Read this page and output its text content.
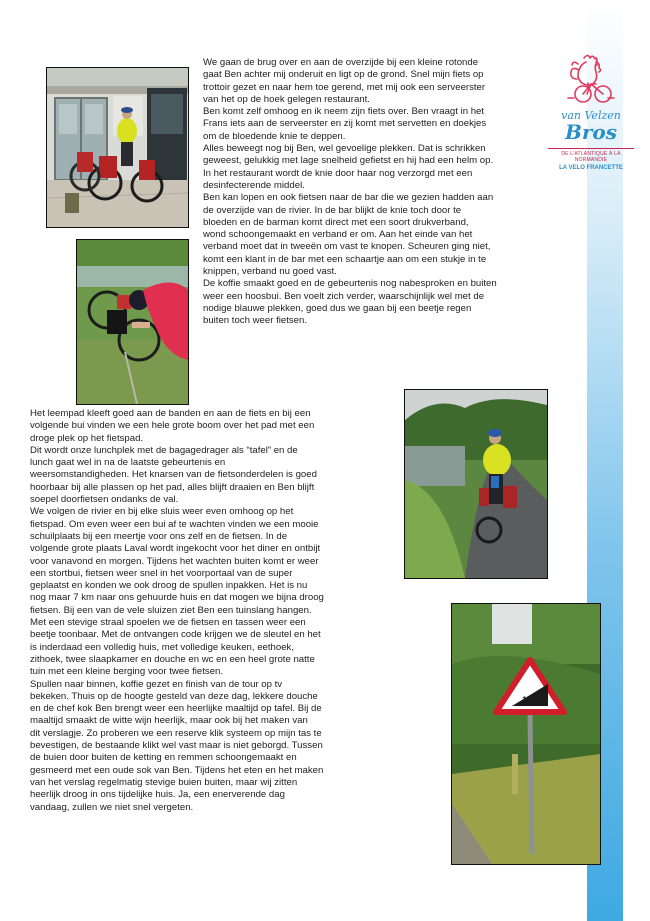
van Velzen
Bros
DE L'ATLANTIQUE À LA NORMANDIE
LA VELO FRANCETTE
13%
We gaan de brug over en aan de overzijde bij een kleine rotonde
gaat Ben achter mij onderuit en ligt op de grond. Snel mijn fiets op
trottoir gezet en naar hem toe gerend, met mij ook een serveerster
van het op de hoek gelegen restaurant.
Ben komt zelf omhoog en ik neem zijn fiets over. Ben vraagt in het
Frans iets aan de serveerster en zij komt met servetten en doekjes
om de bloedende knie te deppen.
Alles beweegt nog bij Ben, wel gevoelige plekken. Dat is schrikken
geweest, gelukkig met lage snelheid gefietst en hij had een helm op.
In het restaurant wordt de knie door haar nog verzorgd met een
desinfecterende middel.
Ben kan lopen en ook fietsen naar de bar die we gezien hadden aan
de overzijde van de rivier. In de bar blijkt de knie toch door te
bloeden en de barman komt direct met een soort drukverband,
wond schoongemaakt en verband er om. Aan het einde van het
verband moet dat in tweeën om vast te knopen. Scheuren ging niet,
komt een klant in de bar met een schaartje aan om een stukje in te
knippen, verband nu goed vast.
De koffie smaakt goed en de gebeurtenis nog nabesproken en buiten
weer een hoosbui. Ben voelt zich verder, waarschijnlijk wel met de
nodige blauwe plekken, goed dus we gaan bij een beetje regen
buiten toch weer fietsen.
Het leempad kleeft goed aan de banden en aan de fiets en bij een
volgende bui vinden we een hele grote boom over het pad met een
droge plek op het fietspad.
Dit wordt onze lunchplek met de bagagedrager als “tafel” en de
lunch gaat wel in na de laatste gebeurtenis en
weersomstandigheden. Het knarsen van de fietsonderdelen is goed
hoorbaar bij alle plassen op het pad, alles blijft draaien en Ben blijft
soepel doorfietsen ondanks de val.
We volgen de rivier en bij elke sluis weer even omhoog op het
fietspad. Om even weer een bui af te wachten vinden we een mooie
schuilplaats bij een meertje voor ons zelf en de fietsen. In de
volgende grote plaats Laval wordt ingekocht voor het diner en ontbijt
voor vanavond en morgen. Tijdens het wachten buiten komt er weer
een stortbui, fietsen weer snel in het voorportaal van de super
geplaatst en konden we ook droog de spullen inpakken. Het is nu
nog maar 7 km naar ons gehuurde huis en dat mogen we bijna droog
fietsen. Bij een van de vele sluizen ziet Ben een tuinslang hangen.
Met een stevige straal spoelen we de fietsen en tassen weer een
beetje toonbaar. Met de ontvangen code krijgen we de sleutel en het
is inderdaad een volledig huis, met volledige keuken, eethoek,
zithoek, twee slaapkamer en douche en wc en een heel grote natte
tuin met een kleine berging voor twee fietsen.
Spullen naar binnen, koffie gezet en finish van de tour op tv
bekeken. Thuis op de hoogte gesteld van deze dag, lekkere douche
en de chef kok Ben brengt weer een heerlijke maaltijd op tafel. Bij de
maaltijd smaakt de witte wijn heerlijk, maar ook bij het maken van
dit verslagje. Zo proberen we een reserve klik systeem op mijn tas te
bevestigen, de bestaande klikt wel vast maar is niet geborgd. Tussen
de buien door buiten de ketting en remmen schoongemaakt en
gesmeerd met een oude sok van Ben. Tijdens het eten en het maken
van het verslag regelmatig stevige buien buiten, maar wij zitten
heerlijk droog in ons tijdelijke huis. Ja, een enerverende dag
vandaag, zullen we niet snel vergeten.
